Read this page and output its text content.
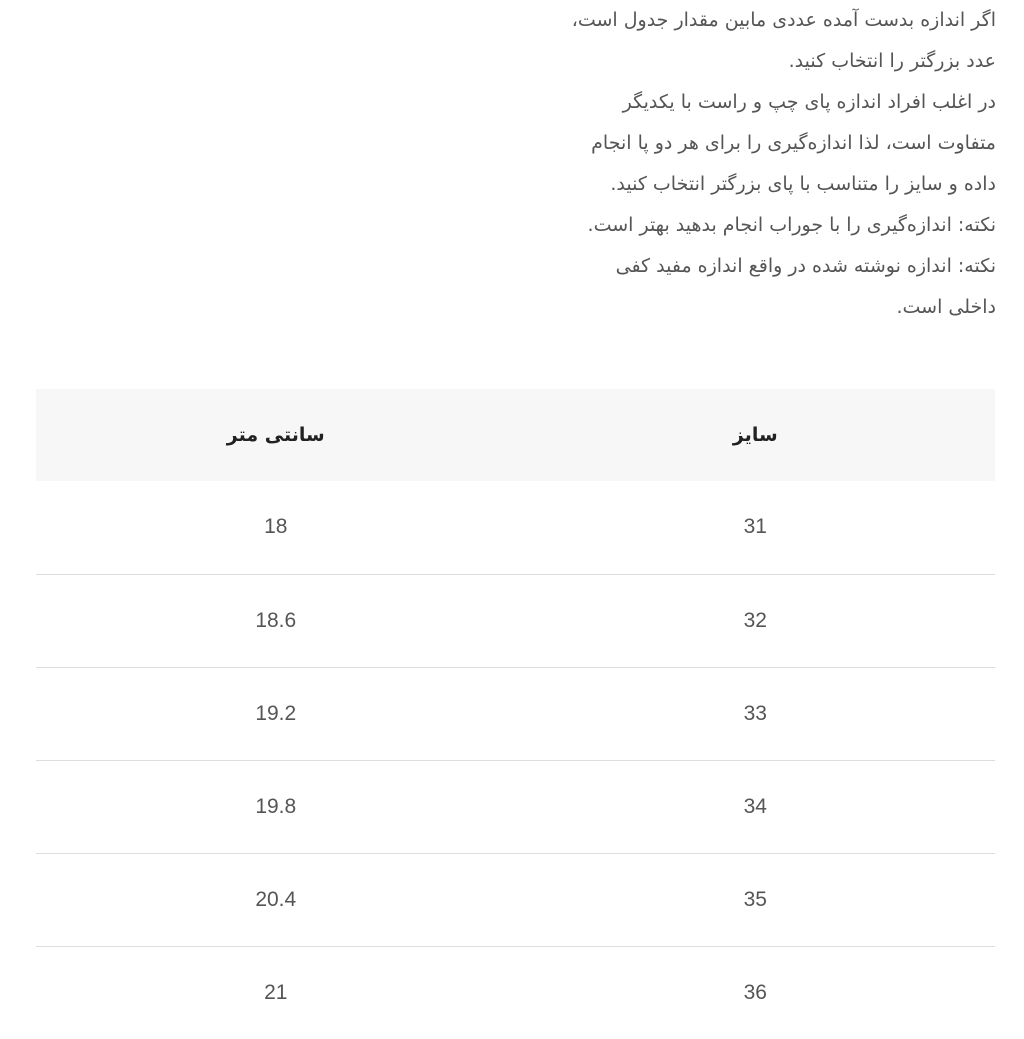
اگر اندازه بدست آمده عددی مابین مقدار جدول است،
عدد بزرگتر را انتخاب کنید.
در اغلب افراد اندازه پای چپ و راست با یکدیگر
متفاوت است، لذا اندازه‌گیری را برای هر دو پا انجام
داده و سایز را متناسب با پای بزرگتر انتخاب کنید.
نکته: اندازه‌گیری را با جوراب انجام بدهید بهتر است.
نکته: اندازه نوشته شده در واقع اندازه مفید کفی
داخلی است.
سانتی متر	سایز
18	31
18.6	32
19.2	33
19.8	34
20.4	35
21	36
